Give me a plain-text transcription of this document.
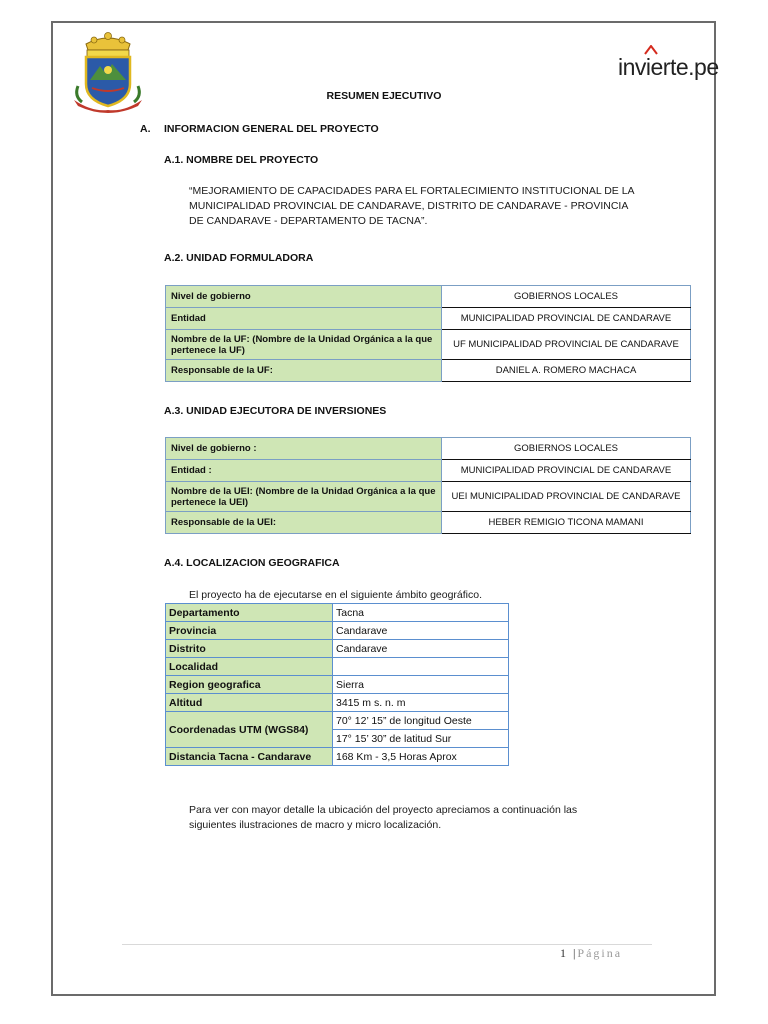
invierte.pe
RESUMEN EJECUTIVO
A. INFORMACION GENERAL DEL PROYECTO
A.1. NOMBRE DEL PROYECTO
“MEJORAMIENTO DE CAPACIDADES PARA EL FORTALECIMIENTO INSTITUCIONAL DE LA
MUNICIPALIDAD PROVINCIAL DE CANDARAVE, DISTRITO DE CANDARAVE - PROVINCIA
DE CANDARAVE - DEPARTAMENTO DE TACNA”.
A.2. UNIDAD FORMULADORA
Nivel de gobierno	GOBIERNOS LOCALES
Entidad	MUNICIPALIDAD PROVINCIAL DE CANDARAVE
Nombre de la UF: (Nombre de la Unidad Orgánica a la que pertenece la UF)	UF MUNICIPALIDAD PROVINCIAL DE CANDARAVE
Responsable de la UF:	DANIEL A. ROMERO MACHACA
A.3. UNIDAD EJECUTORA DE INVERSIONES
Nivel de gobierno :	GOBIERNOS LOCALES
Entidad :	MUNICIPALIDAD PROVINCIAL DE CANDARAVE
Nombre de la UEI: (Nombre de la Unidad Orgánica a la que pertenece la UEI)	UEI MUNICIPALIDAD PROVINCIAL DE CANDARAVE
Responsable de la UEI:	HEBER REMIGIO TICONA MAMANI
A.4. LOCALIZACION GEOGRAFICA
El proyecto ha de ejecutarse en el siguiente ámbito geográfico.
Departamento	Tacna
Provincia	Candarave
Distrito	Candarave
Localidad	
Region geografica	Sierra
Altitud	3415 m s. n. m
Coordenadas UTM (WGS84)	70° 12’ 15” de longitud Oeste
	17° 15’ 30” de latitud Sur
Distancia Tacna - Candarave	168 Km - 3,5 Horas Aprox
Para ver con mayor detalle la ubicación del proyecto apreciamos a continuación las
siguientes ilustraciones de macro y micro localización.
1 |Página
